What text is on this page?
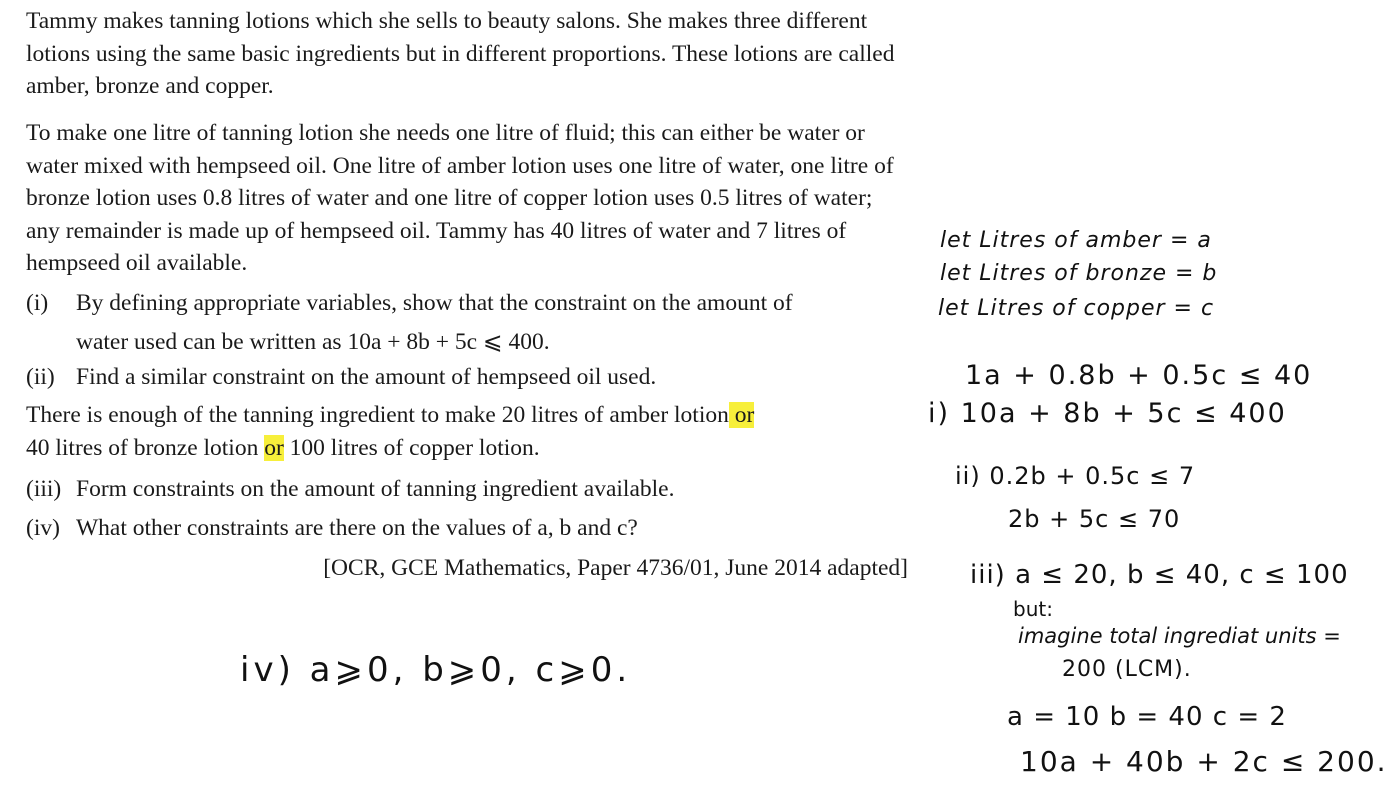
Tammy makes tanning lotions which she sells to beauty salons. She makes three different lotions using the same basic ingredients but in different proportions. These lotions are called amber, bronze and copper.

To make one litre of tanning lotion she needs one litre of fluid; this can either be water or water mixed with hempseed oil. One litre of amber lotion uses one litre of water, one litre of bronze lotion uses 0.8 litres of water and one litre of copper lotion uses 0.5 litres of water; any remainder is made up of hempseed oil. Tammy has 40 litres of water and 7 litres of hempseed oil available.

(i) By defining appropriate variables, show that the constraint on the amount of
water used can be written as 10a + 8b + 5c ⩽ 400.
(ii) Find a similar constraint on the amount of hempseed oil used.
There is enough of the tanning ingredient to make 20 litres of amber lotion or
40 litres of bronze lotion or 100 litres of copper lotion.
(iii) Form constraints on the amount of tanning ingredient available.
(iv) What other constraints are there on the values of a, b and c?
[OCR, GCE Mathematics, Paper 4736/01, June 2014 adapted]
let Litres of amber = a
let Litres of bronze = b
let Litres of copper = c
1a + 0.8b + 0.5c ≤ 40
i) 10a + 8b + 5c ≤ 400
ii) 0.2b + 0.5c ≤ 7
2b + 5c ≤ 70
iii) a ≤ 20, b ≤ 40, c ≤ 100
but:
imagine total ingrediat units =
200 (LCM).
a = 10 b = 40 c = 2
10a + 40b + 2c ≤ 200.
iv) a⩾0, b⩾0, c⩾0.
